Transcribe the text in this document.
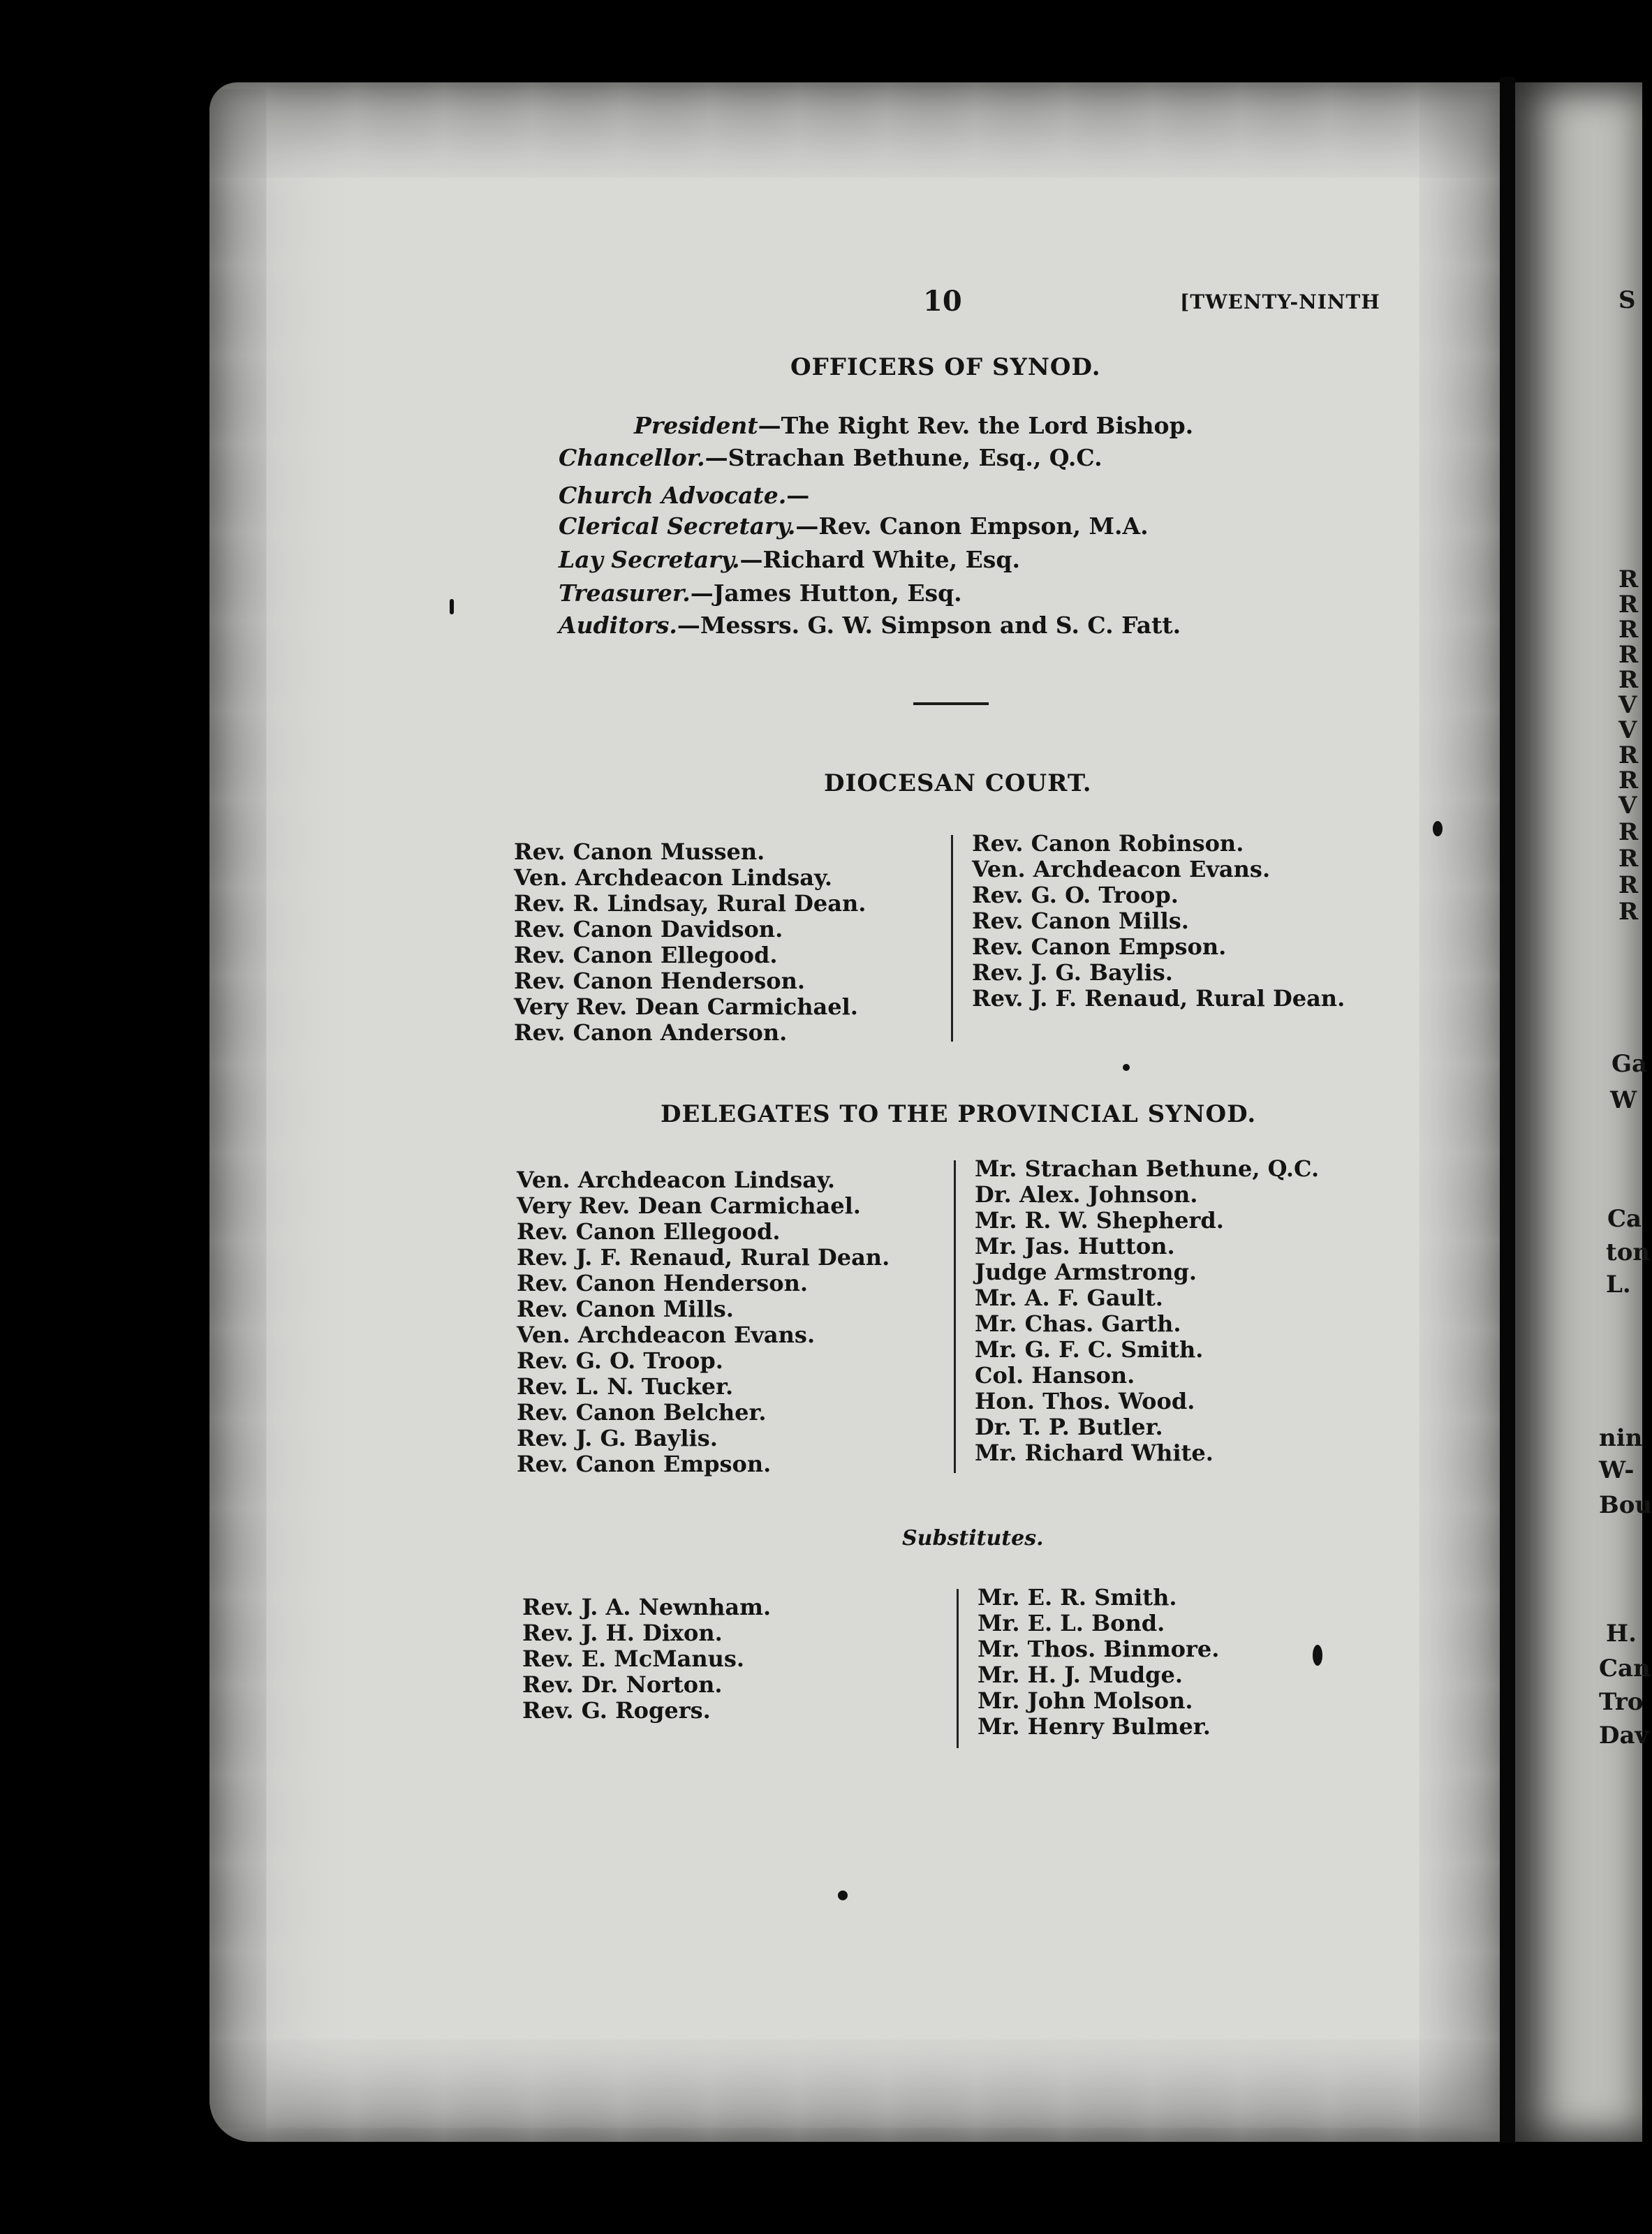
10	[TWENTY-NINTH
OFFICERS OF SYNOD.
President—The Right Rev. the Lord Bishop.
Chancellor.—Strachan Bethune, Esq., Q.C.
Church Advocate.—
Clerical Secretary.—Rev. Canon Empson, M.A.
Lay Secretary.—Richard White, Esq.
Treasurer.—James Hutton, Esq.
Auditors.—Messrs. G. W. Simpson and S. C. Fatt.
DIOCESAN COURT.
Rev. Canon Mussen.
Ven. Archdeacon Lindsay.
Rev. R. Lindsay, Rural Dean.
Rev. Canon Davidson.
Rev. Canon Ellegood.
Rev. Canon Henderson.
Very Rev. Dean Carmichael.
Rev. Canon Anderson.
Rev. Canon Robinson.
Ven. Archdeacon Evans.
Rev. G. O. Troop.
Rev. Canon Mills.
Rev. Canon Empson.
Rev. J. G. Baylis.
Rev. J. F. Renaud, Rural Dean.
DELEGATES TO THE PROVINCIAL SYNOD.
Ven. Archdeacon Lindsay.
Very Rev. Dean Carmichael.
Rev. Canon Ellegood.
Rev. J. F. Renaud, Rural Dean.
Rev. Canon Henderson.
Rev. Canon Mills.
Ven. Archdeacon Evans.
Rev. G. O. Troop.
Rev. L. N. Tucker.
Rev. Canon Belcher.
Rev. J. G. Baylis.
Rev. Canon Empson.
Mr. Strachan Bethune, Q.C.
Dr. Alex. Johnson.
Mr. R. W. Shepherd.
Mr. Jas. Hutton.
Judge Armstrong.
Mr. A. F. Gault.
Mr. Chas. Garth.
Mr. G. F. C. Smith.
Col. Hanson.
Hon. Thos. Wood.
Dr. T. P. Butler.
Mr. Richard White.
Substitutes.
Rev. J. A. Newnham.
Rev. J. H. Dixon.
Rev. E. McManus.
Rev. Dr. Norton.
Rev. G. Rogers.
Mr. E. R. Smith.
Mr. E. L. Bond.
Mr. Thos. Binmore.
Mr. H. J. Mudge.
Mr. John Molson.
Mr. Henry Bulmer.
S
R
R
R
R
R
V
V
R
R
V
R
R
R
R
Ga
W
Ca
ton
L.
nin
W-
Bou
H.
Can
Tro
Dav
